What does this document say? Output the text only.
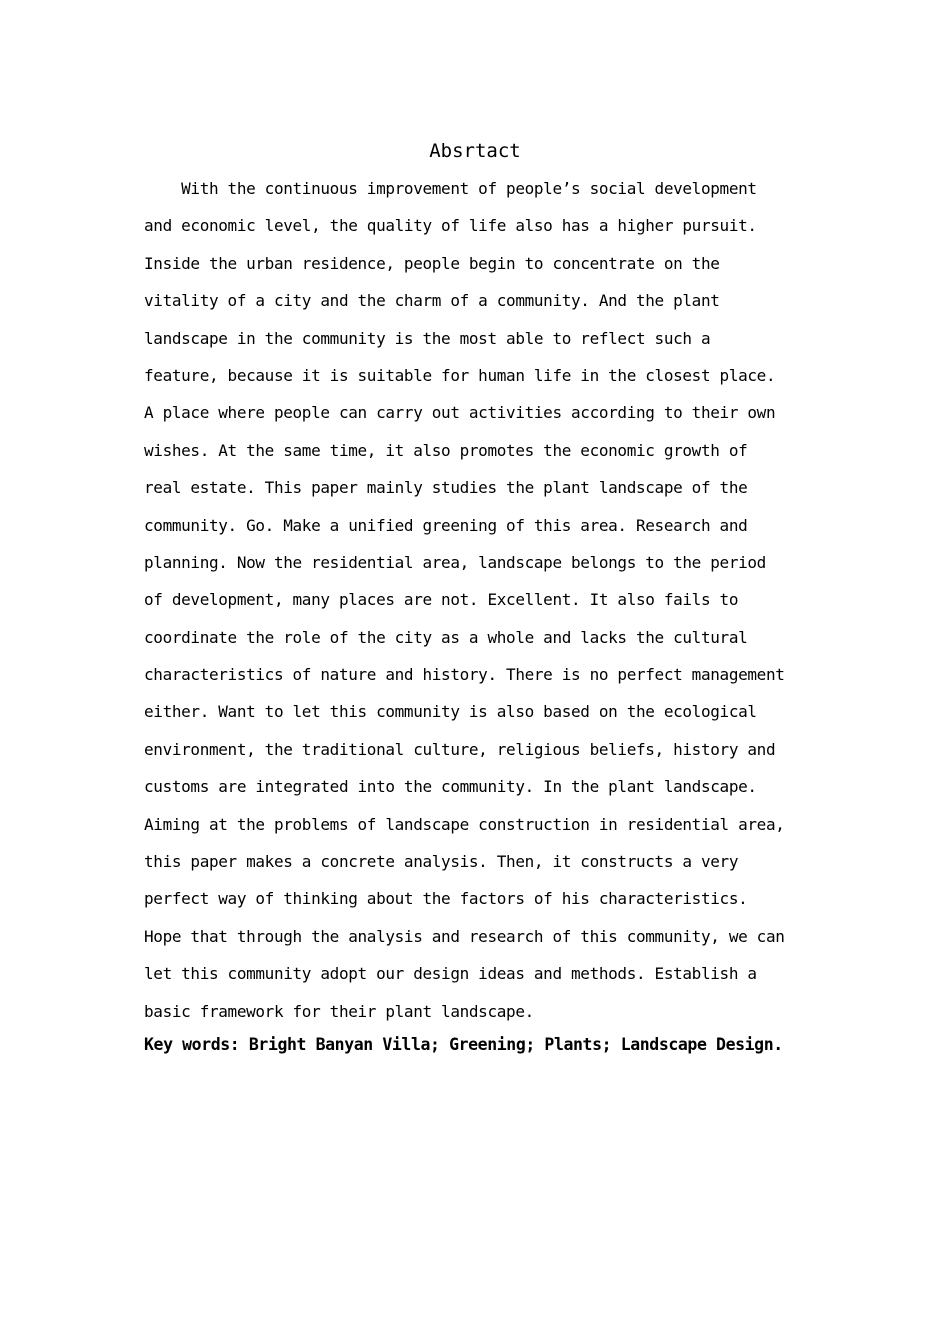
Absrtact
With the continuous improvement of people’s social development
and economic level, the quality of life also has a higher pursuit.
Inside the urban residence, people begin to concentrate on the
vitality of a city and the charm of a community. And the plant
landscape in the community is the most able to reflect such a
feature, because it is suitable for human life in the closest place.
A place where people can carry out activities according to their own
wishes. At the same time, it also promotes the economic growth of
real estate. This paper mainly studies the plant landscape of the
community. Go. Make a unified greening of this area. Research and
planning. Now the residential area, landscape belongs to the period
of development, many places are not. Excellent. It also fails to
coordinate the role of the city as a whole and lacks the cultural
characteristics of nature and history. There is no perfect management
either. Want to let this community is also based on the ecological
environment, the traditional culture, religious beliefs, history and
customs are integrated into the community. In the plant landscape.
Aiming at the problems of landscape construction in residential area,
this paper makes a concrete analysis. Then, it constructs a very
perfect way of thinking about the factors of his characteristics.
Hope that through the analysis and research of this community, we can
let this community adopt our design ideas and methods. Establish a
basic framework for their plant landscape.

Key words: Bright Banyan Villa; Greening; Plants; Landscape Design.
